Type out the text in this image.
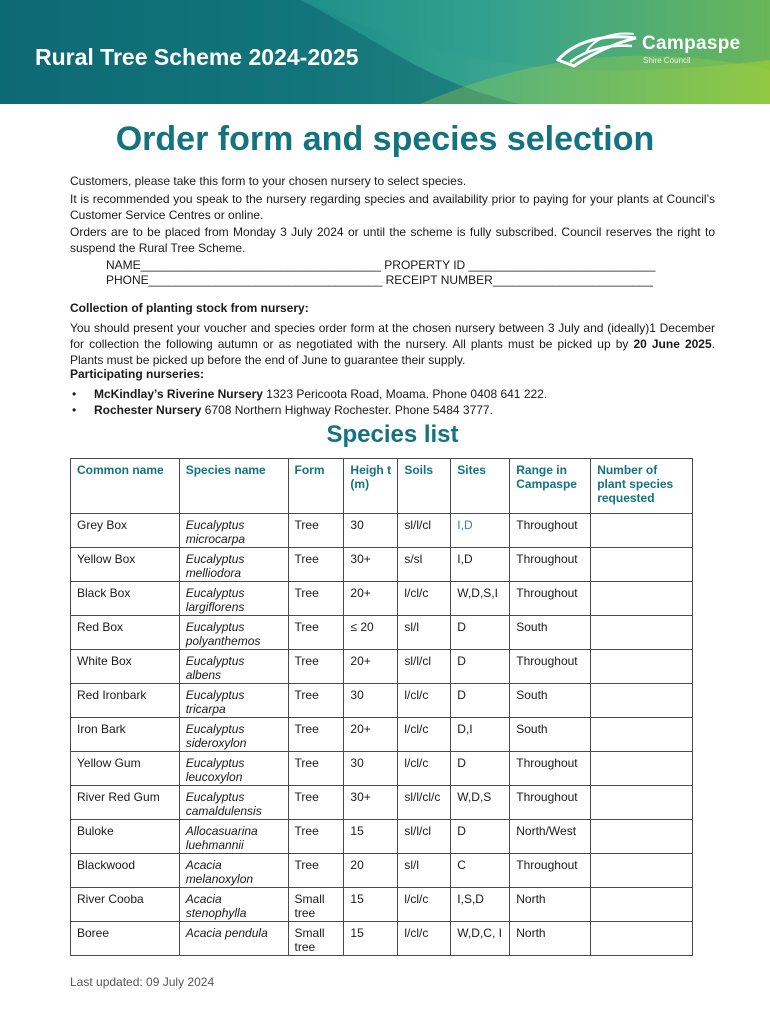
Rural Tree Scheme 2024-2025
Campaspe
Shire Council
Order form and species selection
Customers, please take this form to your chosen nursery to select species.
It is recommended you speak to the nursery regarding species and availability prior to paying for your plants at Council’s Customer Service Centres or online.
Orders are to be placed from Monday 3 July 2024 or until the scheme is fully subscribed. Council reserves the right to suspend the Rural Tree Scheme.
NAME____________________________________ PROPERTY ID ____________________________
PHONE___________________________________ RECEIPT NUMBER________________________
Collection of planting stock from nursery:
You should present your voucher and species order form at the chosen nursery between 3 July and (ideally)1 December for collection the following autumn or as negotiated with the nursery. All plants must be picked up by 20 June 2025. Plants must be picked up before the end of June to guarantee their supply.
Participating nurseries:
• McKindlay’s Riverine Nursery 1323 Pericoota Road, Moama. Phone 0408 641 222.
• Rochester Nursery 6708 Northern Highway Rochester. Phone 5484 3777.
Species list
Common name	Species name	Form	Heigh t (m)	Soils	Sites	Range in Campaspe	Number of plant species requested
Grey Box	Eucalyptus microcarpa	Tree	30	sl/l/cl	I,D	Throughout	
Yellow Box	Eucalyptus melliodora	Tree	30+	s/sl	I,D	Throughout	
Black Box	Eucalyptus largiflorens	Tree	20+	l/cl/c	W,D,S,I	Throughout	
Red Box	Eucalyptus polyanthemos	Tree	≤ 20	sl/l	D	South	
White Box	Eucalyptus albens	Tree	20+	sl/l/cl	D	Throughout	
Red Ironbark	Eucalyptus tricarpa	Tree	30	l/cl/c	D	South	
Iron Bark	Eucalyptus sideroxylon	Tree	20+	l/cl/c	D,I	South	
Yellow Gum	Eucalyptus leucoxylon	Tree	30	l/cl/c	D	Throughout	
River Red Gum	Eucalyptus camaldulensis	Tree	30+	sl/l/cl/c	W,D,S	Throughout	
Buloke	Allocasuarina luehmannii	Tree	15	sl/l/cl	D	North/West	
Blackwood	Acacia melanoxylon	Tree	20	sl/l	C	Throughout	
River Cooba	Acacia stenophylla	Small tree	15	l/cl/c	I,S,D	North	
Boree	Acacia pendula	Small tree	15	l/cl/c	W,D,C, I	North	
Last updated: 09 July 2024
